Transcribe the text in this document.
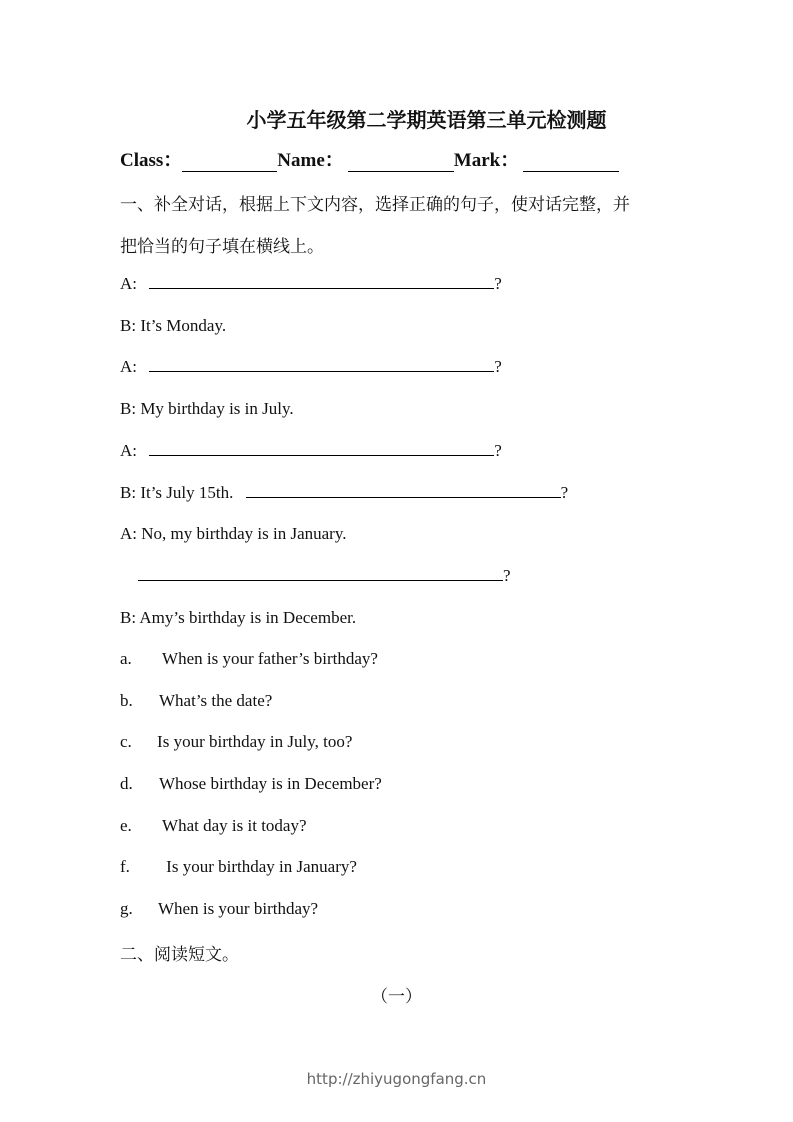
小学五年级第二学期英语第三单元检测题
Class：	Name：	Mark：
一、补全对话，根据上下文内容，选择正确的句子，使对话完整，并
把恰当的句子填在横线上。
A:	?
B: It’s Monday.
A:	?
B: My birthday is in July.
A:	?
B: It’s July 15th.	?
A: No, my birthday is in January.
?
B: Amy’s birthday is in December.
a. When is your father’s birthday?
b. What’s the date?
c. Is your birthday in July, too?
d. Whose birthday is in December?
e. What day is it today?
f. Is your birthday in January?
g. When is your birthday?
二、阅读短文。
（一）
http://zhiyugongfang.cn
